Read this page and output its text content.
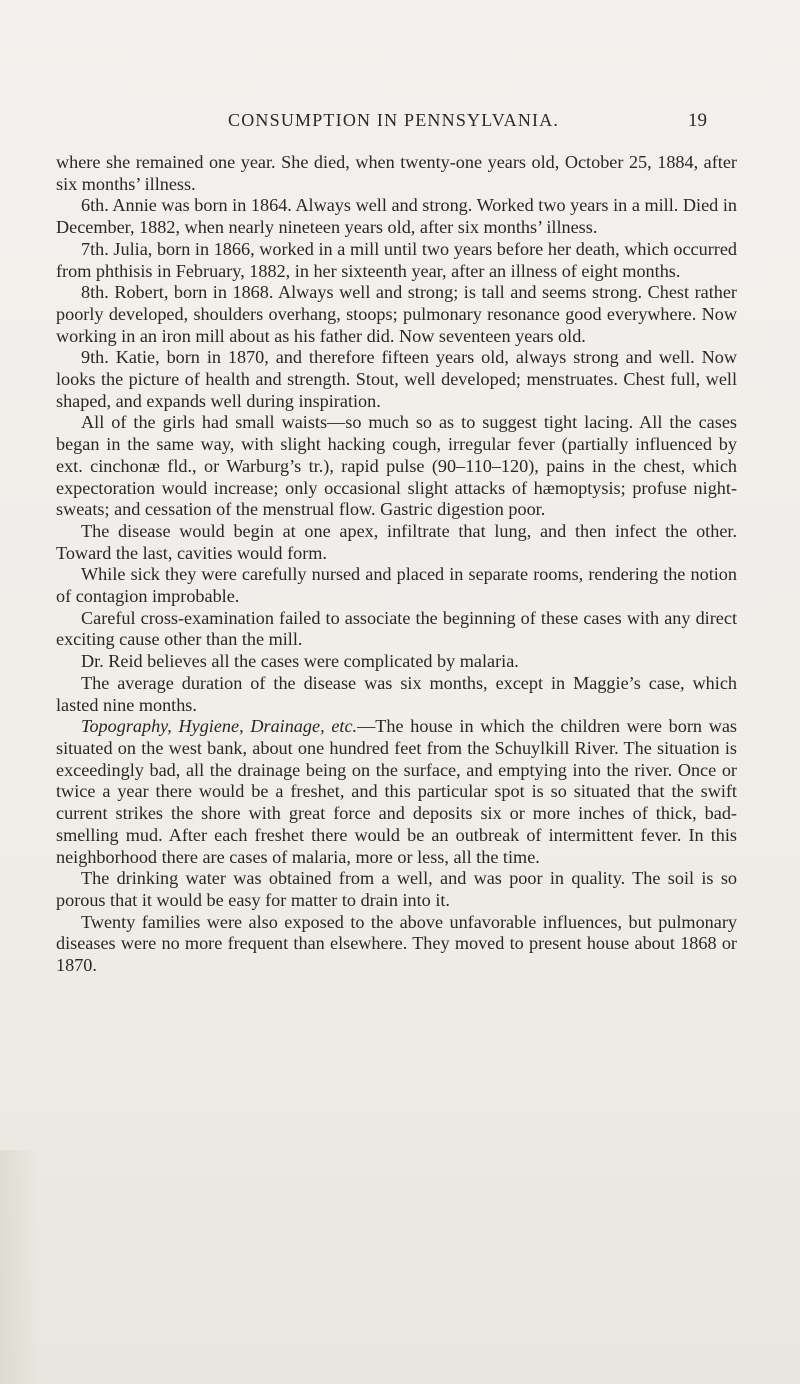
CONSUMPTION IN PENNSYLVANIA.	19

where she remained one year. She died, when twenty-one years old, October 25, 1884, after six months’ illness.

6th. Annie was born in 1864. Always well and strong. Worked two years in a mill. Died in December, 1882, when nearly nineteen years old, after six months’ illness.

7th. Julia, born in 1866, worked in a mill until two years before her death, which occurred from phthisis in February, 1882, in her sixteenth year, after an illness of eight months.

8th. Robert, born in 1868. Always well and strong; is tall and seems strong. Chest rather poorly developed, shoulders overhang, stoops; pulmonary resonance good everywhere. Now working in an iron mill about as his father did. Now seventeen years old.

9th. Katie, born in 1870, and therefore fifteen years old, always strong and well. Now looks the picture of health and strength. Stout, well developed; menstruates. Chest full, well shaped, and expands well during inspiration.

All of the girls had small waists—so much so as to suggest tight lacing. All the cases began in the same way, with slight hacking cough, irregular fever (partially influenced by ext. cinchonæ fld., or Warburg’s tr.), rapid pulse (90–110–120), pains in the chest, which expectoration would increase; only occasional slight attacks of hæmoptysis; profuse night-sweats; and cessation of the menstrual flow. Gastric digestion poor.

The disease would begin at one apex, infiltrate that lung, and then infect the other. Toward the last, cavities would form.

While sick they were carefully nursed and placed in separate rooms, rendering the notion of contagion improbable.

Careful cross-examination failed to associate the beginning of these cases with any direct exciting cause other than the mill.

Dr. Reid believes all the cases were complicated by malaria.

The average duration of the disease was six months, except in Maggie’s case, which lasted nine months.

Topography, Hygiene, Drainage, etc.—The house in which the children were born was situated on the west bank, about one hundred feet from the Schuylkill River. The situation is exceedingly bad, all the drainage being on the surface, and emptying into the river. Once or twice a year there would be a freshet, and this particular spot is so situated that the swift current strikes the shore with great force and deposits six or more inches of thick, bad-smelling mud. After each freshet there would be an outbreak of intermittent fever. In this neighborhood there are cases of malaria, more or less, all the time.

The drinking water was obtained from a well, and was poor in quality. The soil is so porous that it would be easy for matter to drain into it.

Twenty families were also exposed to the above unfavorable influences, but pulmonary diseases were no more frequent than elsewhere. They moved to present house about 1868 or 1870.
